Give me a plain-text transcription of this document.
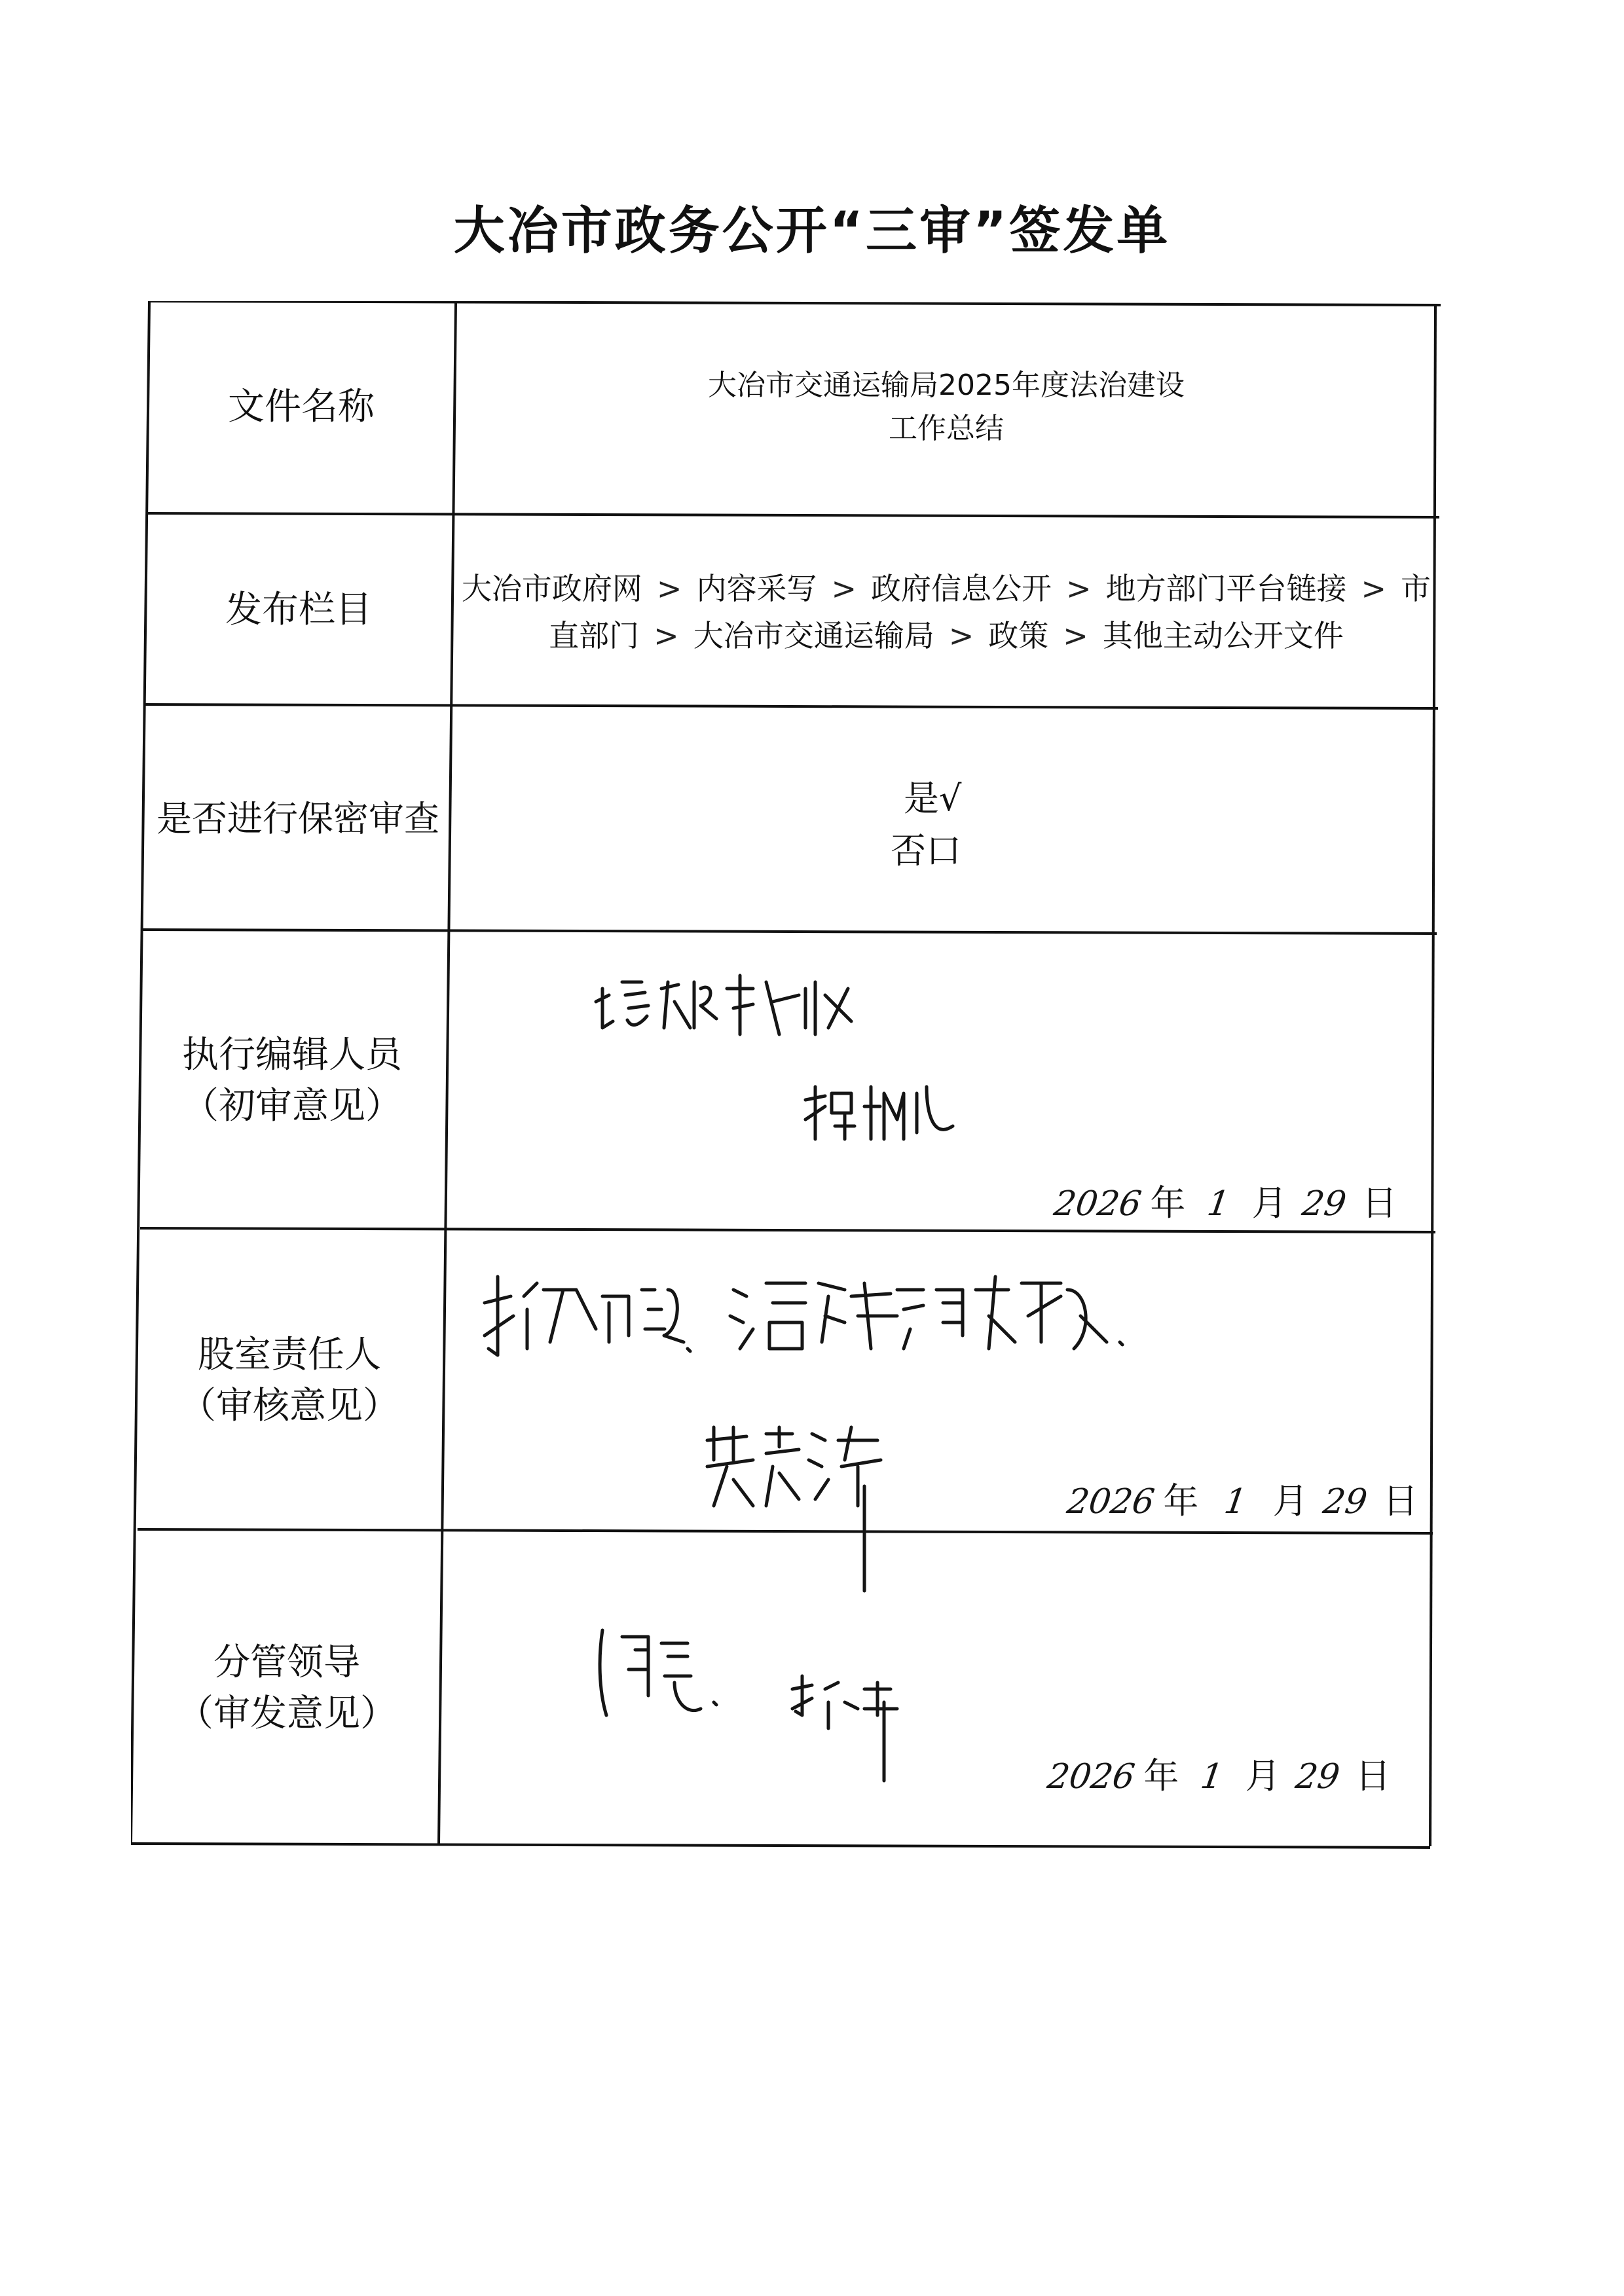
大冶市政务公开“三审”签发单
文件名称
大冶市交通运输局2025年度法治建设
工作总结
发布栏目	大冶市政府网 > 内容采写 > 政府信息公开 > 地方部门平台链接 > 市直部门 > 大冶市交通运输局 > 政策 > 其他主动公开文件
是否进行保密审查	是√
否口
执行编辑人员
（初审意见）
2026 年 1 月 29 日
股室责任人
（审核意见）
2026 年 1 月 29 日
分管领导
（审发意见）
2026 年 1 月 29 日
